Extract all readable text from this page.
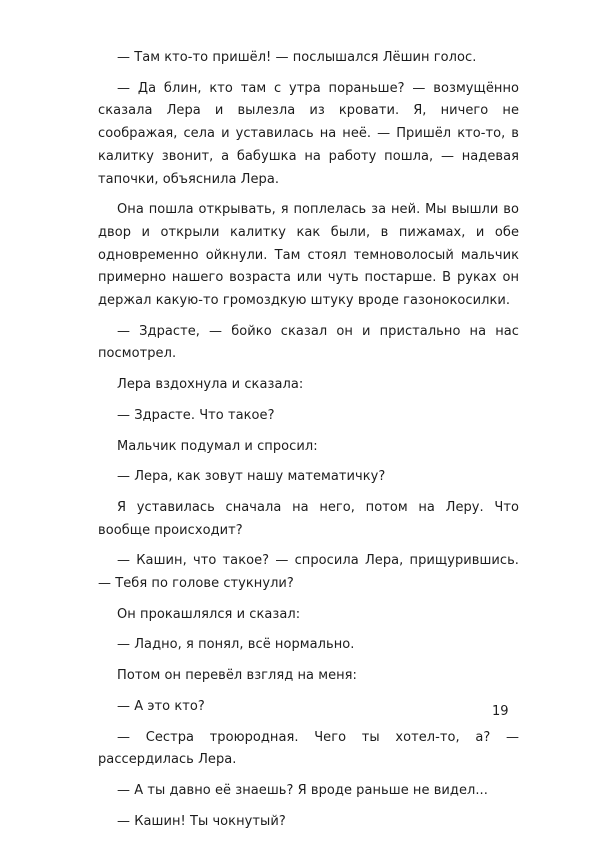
— Там кто-то пришёл! — послышался Лёшин голос.

— Да блин, кто там с утра пораньше? — возмущённо сказала Лера и вылезла из кровати. Я, ничего не соображая, села и уставилась на неё. — Пришёл кто-то, в калитку звонит, а бабушка на работу пошла, — надевая тапочки, объяснила Лера.

Она пошла открывать, я поплелась за ней. Мы вышли во двор и открыли калитку как были, в пижамах, и обе одновременно ойкнули. Там стоял темноволосый мальчик примерно нашего возраста или чуть постарше. В руках он держал какую-то громоздкую штуку вроде газонокосилки.

— Здрасте, — бойко сказал он и пристально на нас посмотрел.

Лера вздохнула и сказала:

— Здрасте. Что такое?

Мальчик подумал и спросил:

— Лера, как зовут нашу математичку?

Я уставилась сначала на него, потом на Леру. Что вообще происходит?

— Кашин, что такое? — спросила Лера, прищурившись. — Тебя по голове стукнули?

Он прокашлялся и сказал:

— Ладно, я понял, всё нормально.

Потом он перевёл взгляд на меня:

— А это кто?

— Сестра троюродная. Чего ты хотел-то, а? — рассердилась Лера.

— А ты давно её знаешь? Я вроде раньше не видел...

— Кашин! Ты чокнутый?

19
